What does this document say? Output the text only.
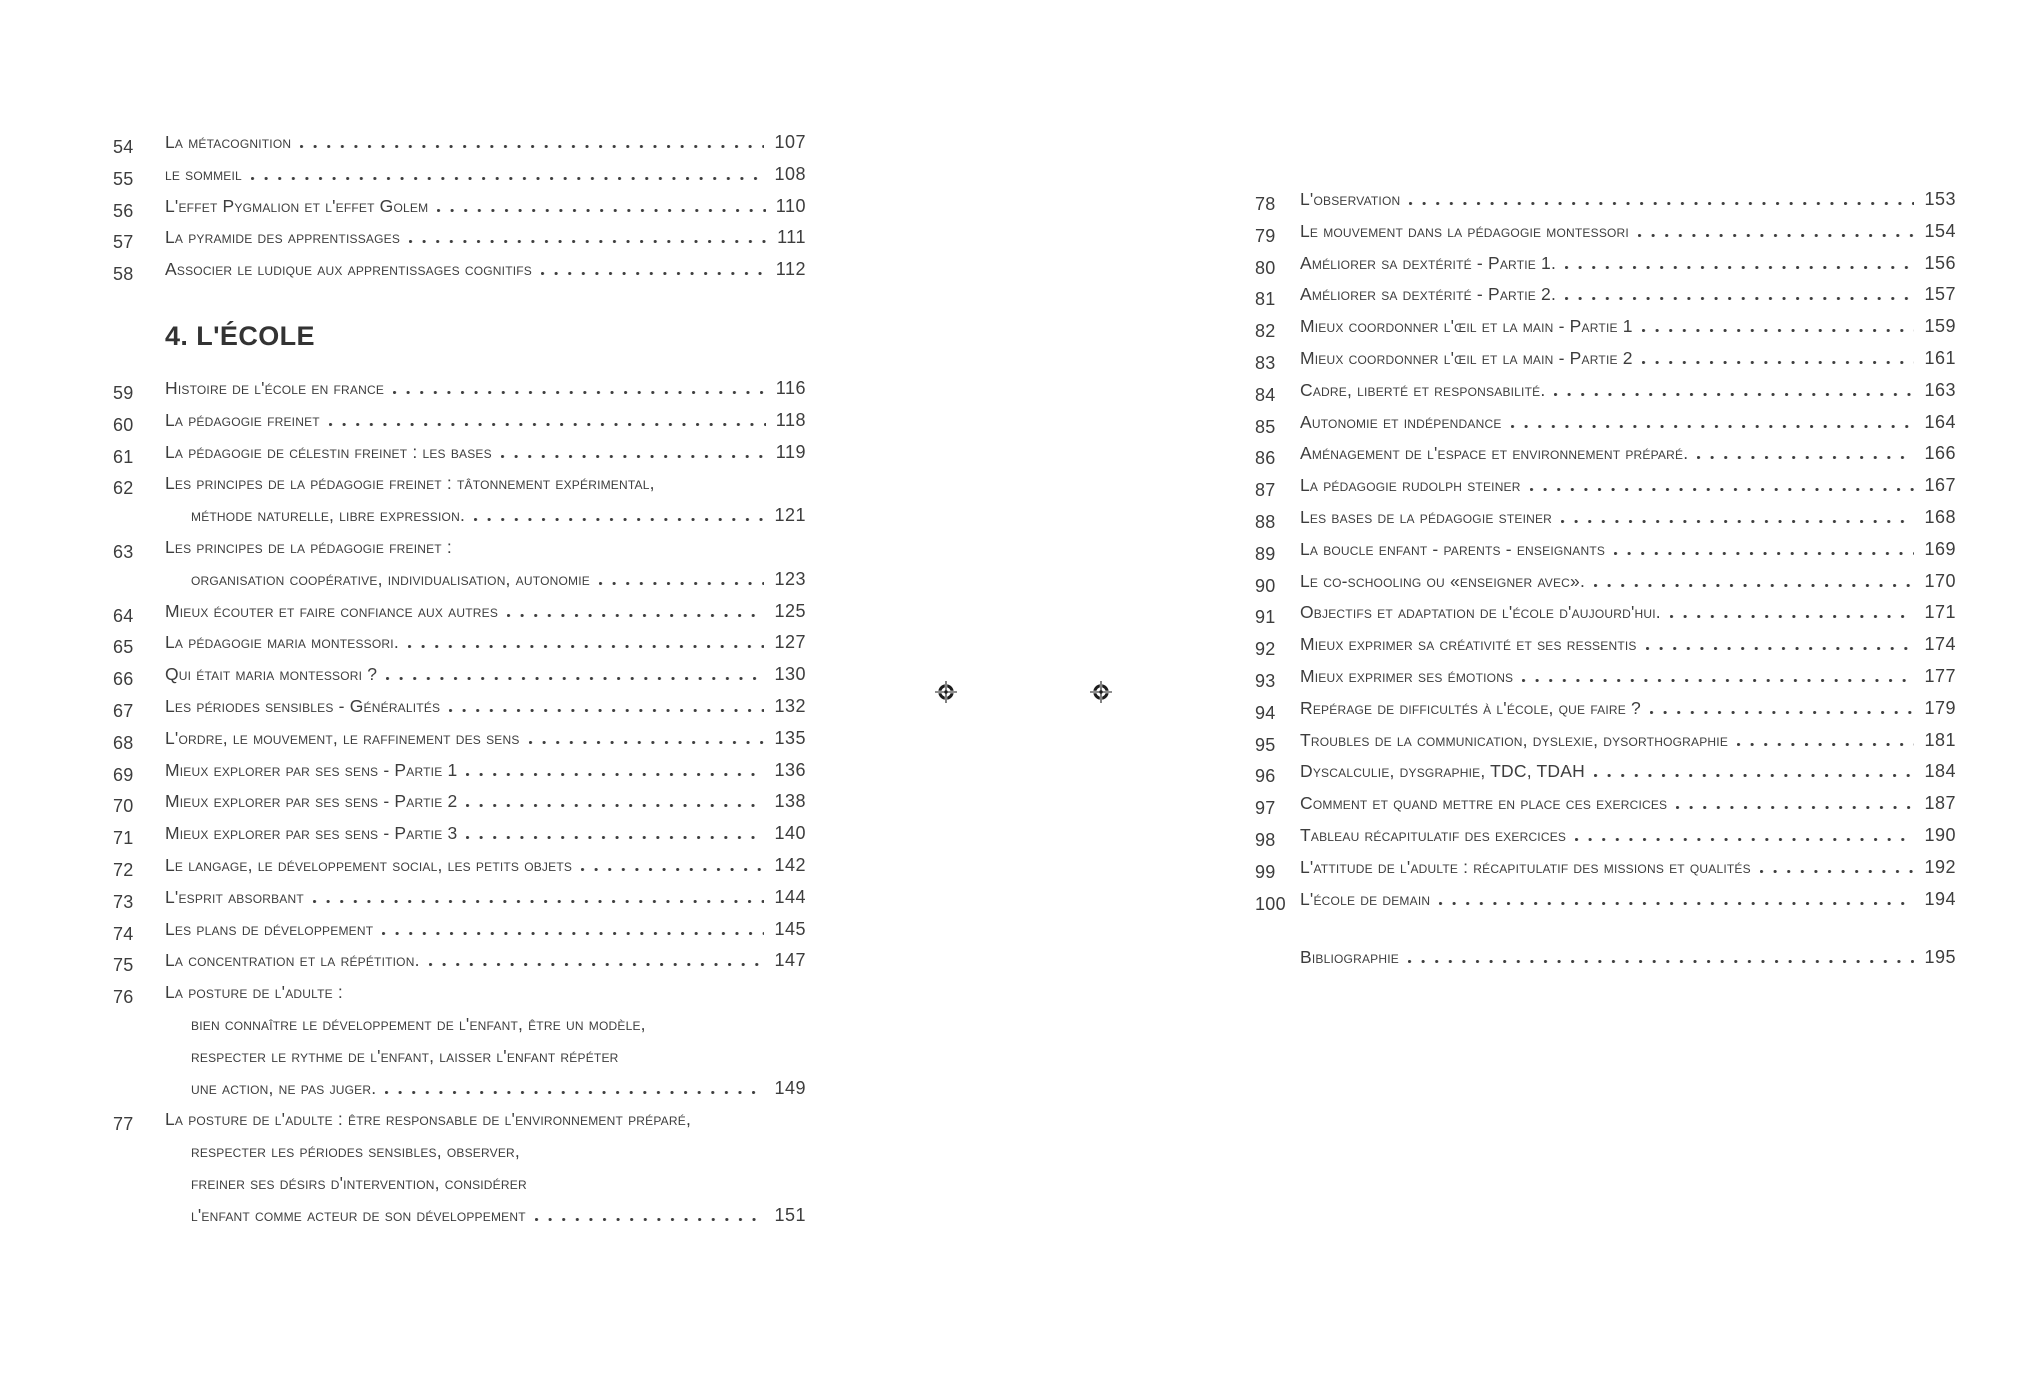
54	La métacognition	107
55	le sommeil	108
56	L'effet Pygmalion et l'effet Golem	110
57	La pyramide des apprentissages	111
58	Associer le ludique aux apprentissages cognitifs	112
4. L'ÉCOLE
59	Histoire de l'école en france	116
60	La pédagogie freinet	118
61	La pédagogie de célestin freinet : les bases	119
62	Les principes de la pédagogie freinet : tâtonnement expérimental,
méthode naturelle, libre expression.	121
63	Les principes de la pédagogie freinet :
organisation coopérative, individualisation, autonomie	123
64	Mieux écouter et faire confiance aux autres	125
65	La pédagogie maria montessori.	127
66	Qui était maria montessori ?	130
67	Les périodes sensibles - Généralités	132
68	L'ordre, le mouvement, le raffinement des sens	135
69	Mieux explorer par ses sens - Partie 1	136
70	Mieux explorer par ses sens - Partie 2	138
71	Mieux explorer par ses sens - Partie 3	140
72	Le langage, le développement social, les petits objets	142
73	L'esprit absorbant	144
74	Les plans de développement	145
75	La concentration et la répétition.	147
76	La posture de l'adulte :
bien connaître le développement de l'enfant, être un modèle,
respecter le rythme de l'enfant, laisser l'enfant répéter
une action, ne pas juger.	149
77	La posture de l'adulte : être responsable de l'environnement préparé,
respecter les périodes sensibles, observer,
freiner ses désirs d'intervention, considérer
l'enfant comme acteur de son développement	151
78	L'observation	153
79	Le mouvement dans la pédagogie montessori	154
80	Améliorer sa dextérité - Partie 1.	156
81	Améliorer sa dextérité - Partie 2.	157
82	Mieux coordonner l'œil et la main - Partie 1	159
83	Mieux coordonner l'œil et la main - Partie 2	161
84	Cadre, liberté et responsabilité.	163
85	Autonomie et indépendance	164
86	Aménagement de l'espace et environnement préparé.	166
87	La pédagogie rudolph steiner	167
88	Les bases de la pédagogie steiner	168
89	La boucle enfant - parents - enseignants	169
90	Le co-schooling ou «enseigner avec».	170
91	Objectifs et adaptation de l'école d'aujourd'hui.	171
92	Mieux exprimer sa créativité et ses ressentis	174
93	Mieux exprimer ses émotions	177
94	Repérage de difficultés à l'école, que faire ?	179
95	Troubles de la communication, dyslexie, dysorthographie	181
96	Dyscalculie, dysgraphie, TDC, TDAH	184
97	Comment et quand mettre en place ces exercices	187
98	Tableau récapitulatif des exercices	190
99	L'attitude de l'adulte : récapitulatif des missions et qualités	192
100 L'école de demain	194
Bibliographie	195
